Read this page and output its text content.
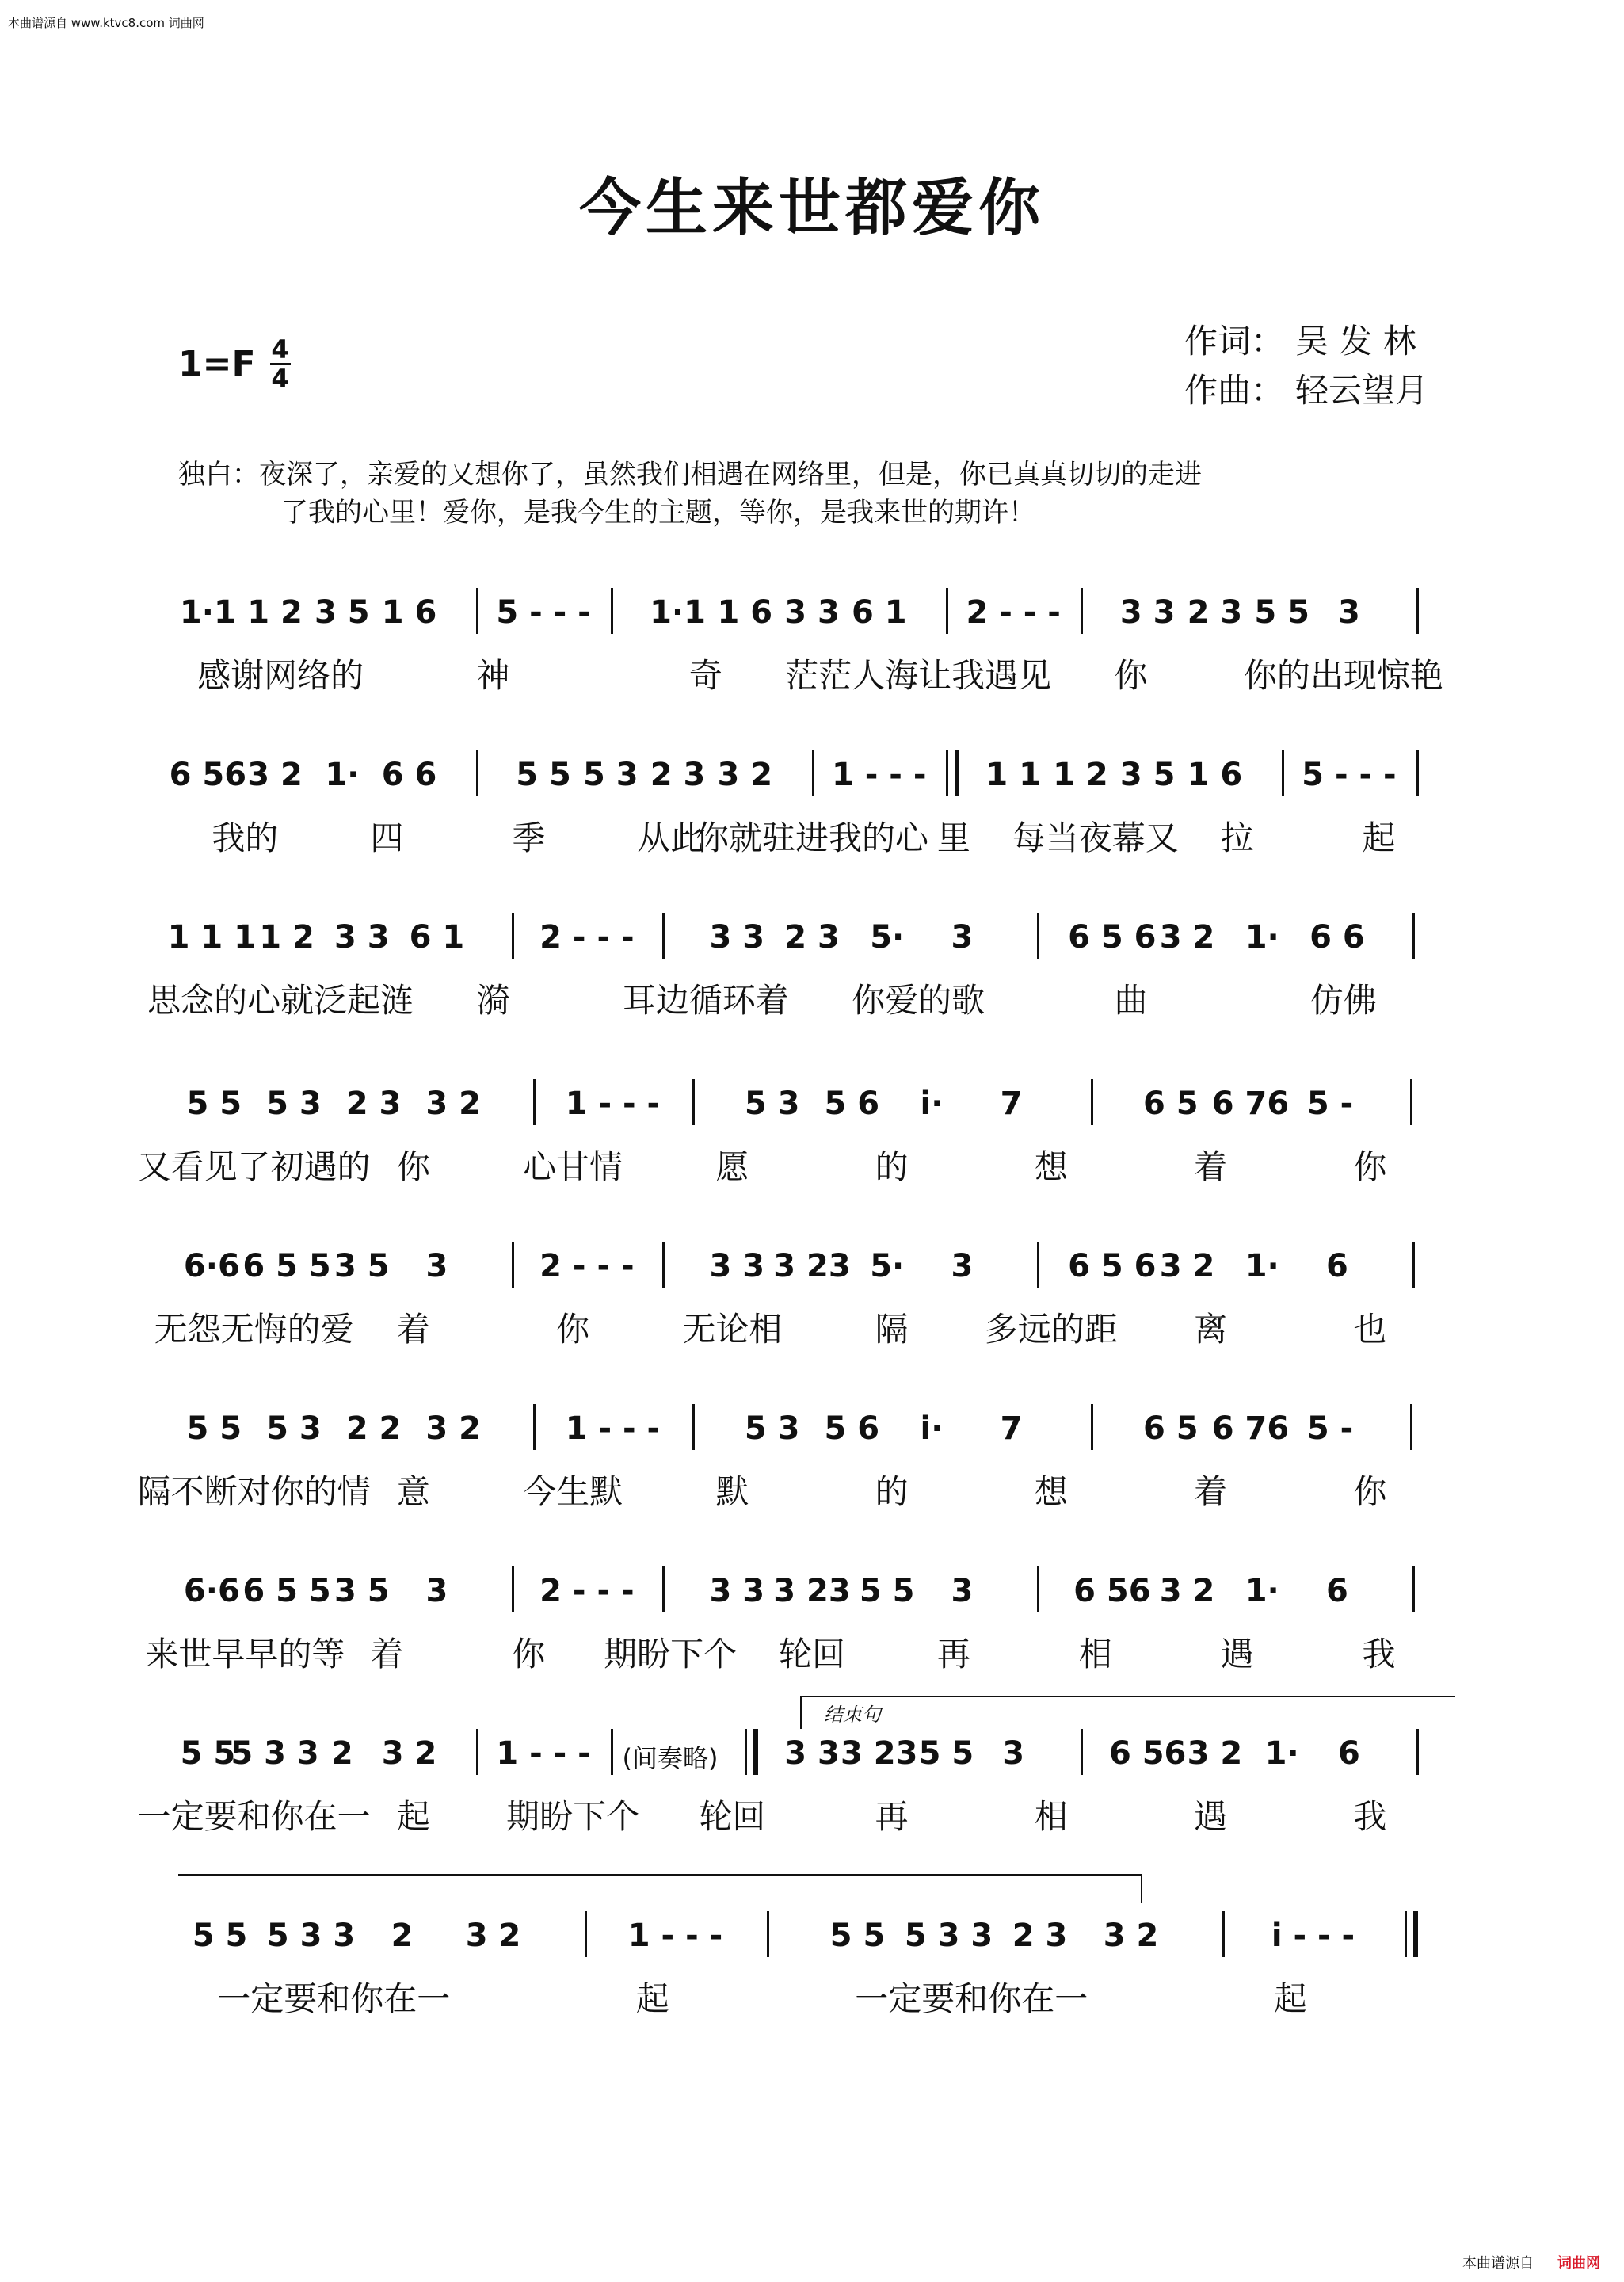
本曲谱源自 www.ktvc8.com 词曲网
今生来世都爱你
1=F 4
4
作词： 吴 发 林
作曲： 轻云望月
独白：夜深了，亲爱的又想你了，虽然我们相遇在网络里，但是，你已真真切切的走进
了我的心里！爱你，是我今生的主题，等你，是我来世的期许！
1·1 1 2 3 5 1 6 5 - - - 1·1 1 6 3 3 6 1 2 - - - 3 3 2 3 5 5 3
感谢网络的	神	奇 茫茫人海让我遇见 你	你的出现惊艳
6 56 3 2 1· 6 6 5 5 5 3 2 3 3 2 1 - - - 1 1 1 2 3 5 1 6 5 - - -
我的	四	季	从此
你就驻进我的心 里 每当夜幕又 拉	起
1 1 1 1 2 3 3 6 1 2 - - - 3 3 2 3 5· 3	6 5 6 3 2 1· 6 6
思念的心就泛起涟 漪	耳边循环着 你爱的歌	曲	仿佛
5 5 5 3 2 3 3 2	1 - - -	5 3 5 6 i· 7	6 5 6 76 5 -
又看见了初遇的 你	心甘情	愿	的	想	着	你
6·6 6 5 5 3 5 3	2 - - - 3 3 3 23 5· 3	6 5 6 3 2 1· 6
无怨无悔的爱 着	你	无论相	隔 多远的距 离	也
5 5 5 3 2 2 3 2	1 - - -	5 3 5 6 i· 7	6 5 6 76 5 -
隔不断对你的情 意	今生默	默	的	想	着	你
6·6 6 5 5 3 5 3	2 - - - 3 3 3 23 5 5 3	6 56 3 2 1· 6
来世早早的等 着	你 期盼下个 轮回	再	相	遇	我
5 5
5 3 3 2 3 2 1 - - - (间奏略) 3 3 3 23 5 5 3	6 56 3 2 1· 6
一定要和你在一 起 期盼下个 轮回	再	相	遇	我
5 5 5 3 3 2 3 2	1 - - -	5 5 5 3 3 2 3 3 2	i - - -
一定要和你在一	起	一定要和你在一	起
结束句
本曲谱源自 词曲网
